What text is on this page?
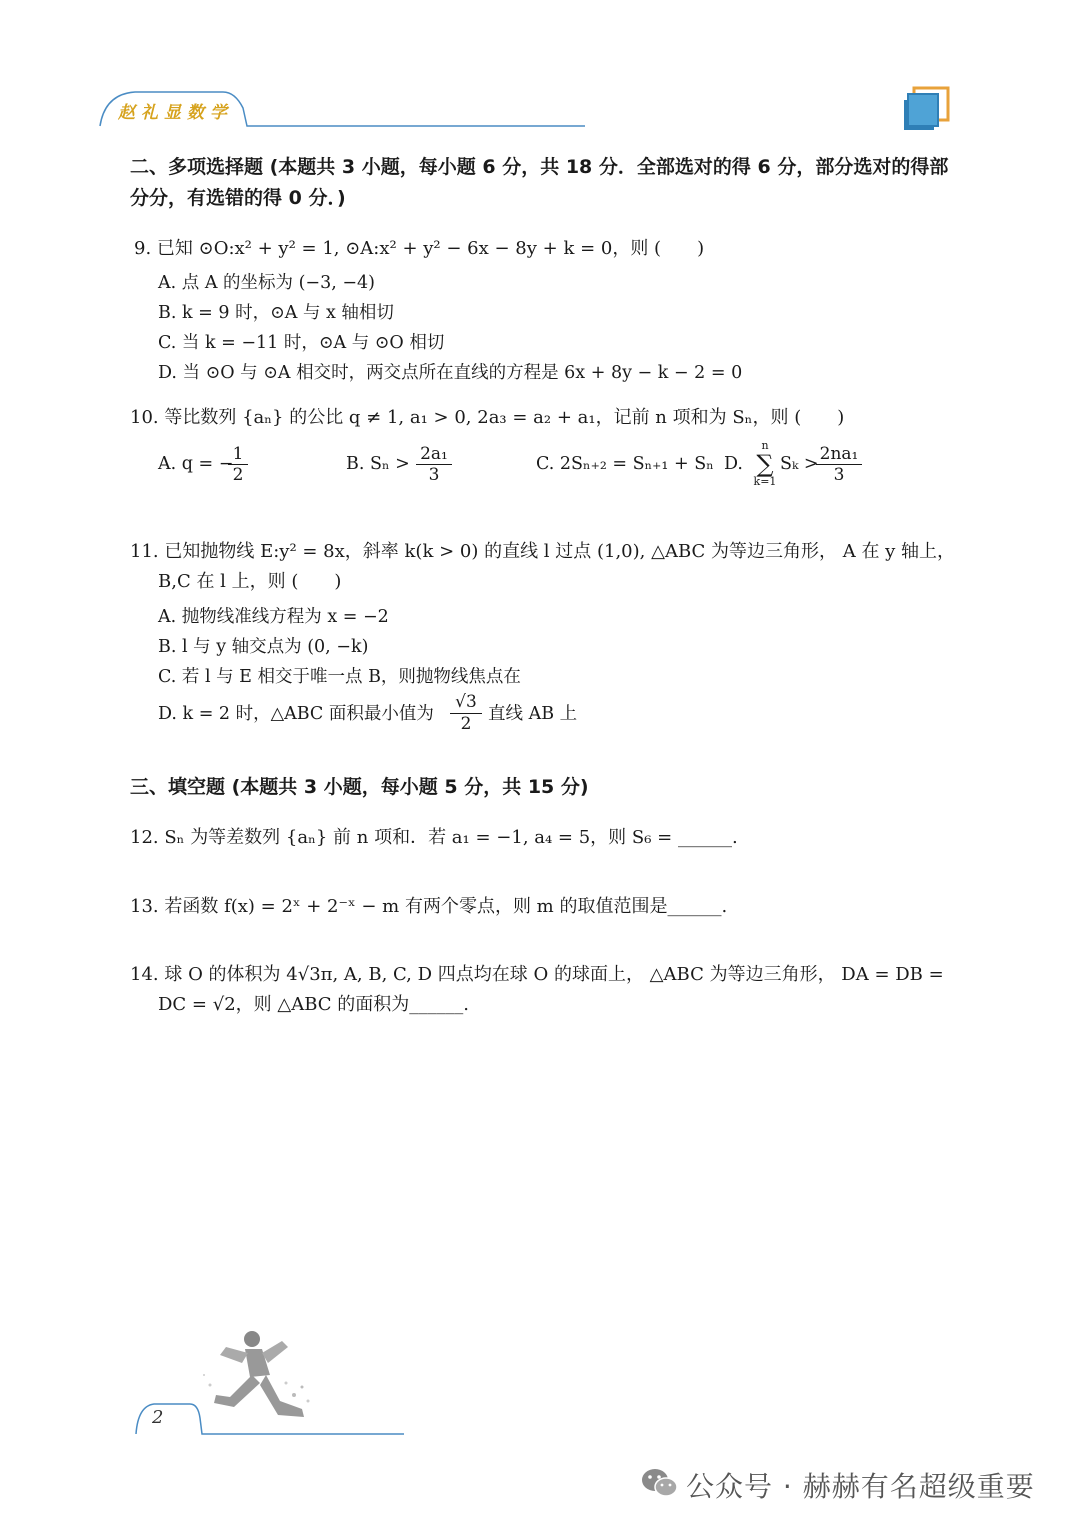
赵礼显数学
二、多项选择题 (本题共 3 小题，每小题 6 分，共 18 分．全部选对的得 6 分，部分选对的得部
分分，有选错的得 0 分．)
9. 已知 ⊙O:x² + y² = 1, ⊙A:x² + y² − 6x − 8y + k = 0，则 (　　)
A. 点 A 的坐标为 (−3, −4)
B. k = 9 时，⊙A 与 x 轴相切
C. 当 k = −11 时，⊙A 与 ⊙O 相切
D. 当 ⊙O 与 ⊙A 相交时，两交点所在直线的方程是 6x + 8y − k − 2 = 0
10. 等比数列 {aₙ} 的公比 q ≠ 1, a₁ > 0, 2a₃ = a₂ + a₁，记前 n 项和为 Sₙ，则 (　　)
A. q = − 1
2
B. Sₙ > 2a₁
3
C. 2Sₙ₊₂ = Sₙ₊₁ + Sₙ D.
n
∑
k=1
Sₖ > 2na₁
3
11. 已知抛物线 E:y² = 8x，斜率 k(k > 0) 的直线 l 过点 (1,0), △ABC 为等边三角形， A 在 y 轴上，
B,C 在 l 上，则 (　　)
A. 抛物线准线方程为 x = −2
B. l 与 y 轴交点为 (0, −k)
C. 若 l 与 E 相交于唯一点 B，则抛物线焦点在
D. k = 2 时，△ABC 面积最小值为
√3
2 直线 AB 上
三、填空题 (本题共 3 小题，每小题 5 分，共 15 分)
12. Sₙ 为等差数列 {aₙ} 前 n 项和．若 a₁ = −1, a₄ = 5，则 S₆ = ______.
13. 若函数 f(x) = 2ˣ + 2⁻ˣ − m 有两个零点，则 m 的取值范围是______.
14. 球 O 的体积为 4√3π, A, B, C, D 四点均在球 O 的球面上， △ABC 为等边三角形， DA = DB =
DC = √2，则 △ABC 的面积为______.
2
公众号 · 赫赫有名超级重要
